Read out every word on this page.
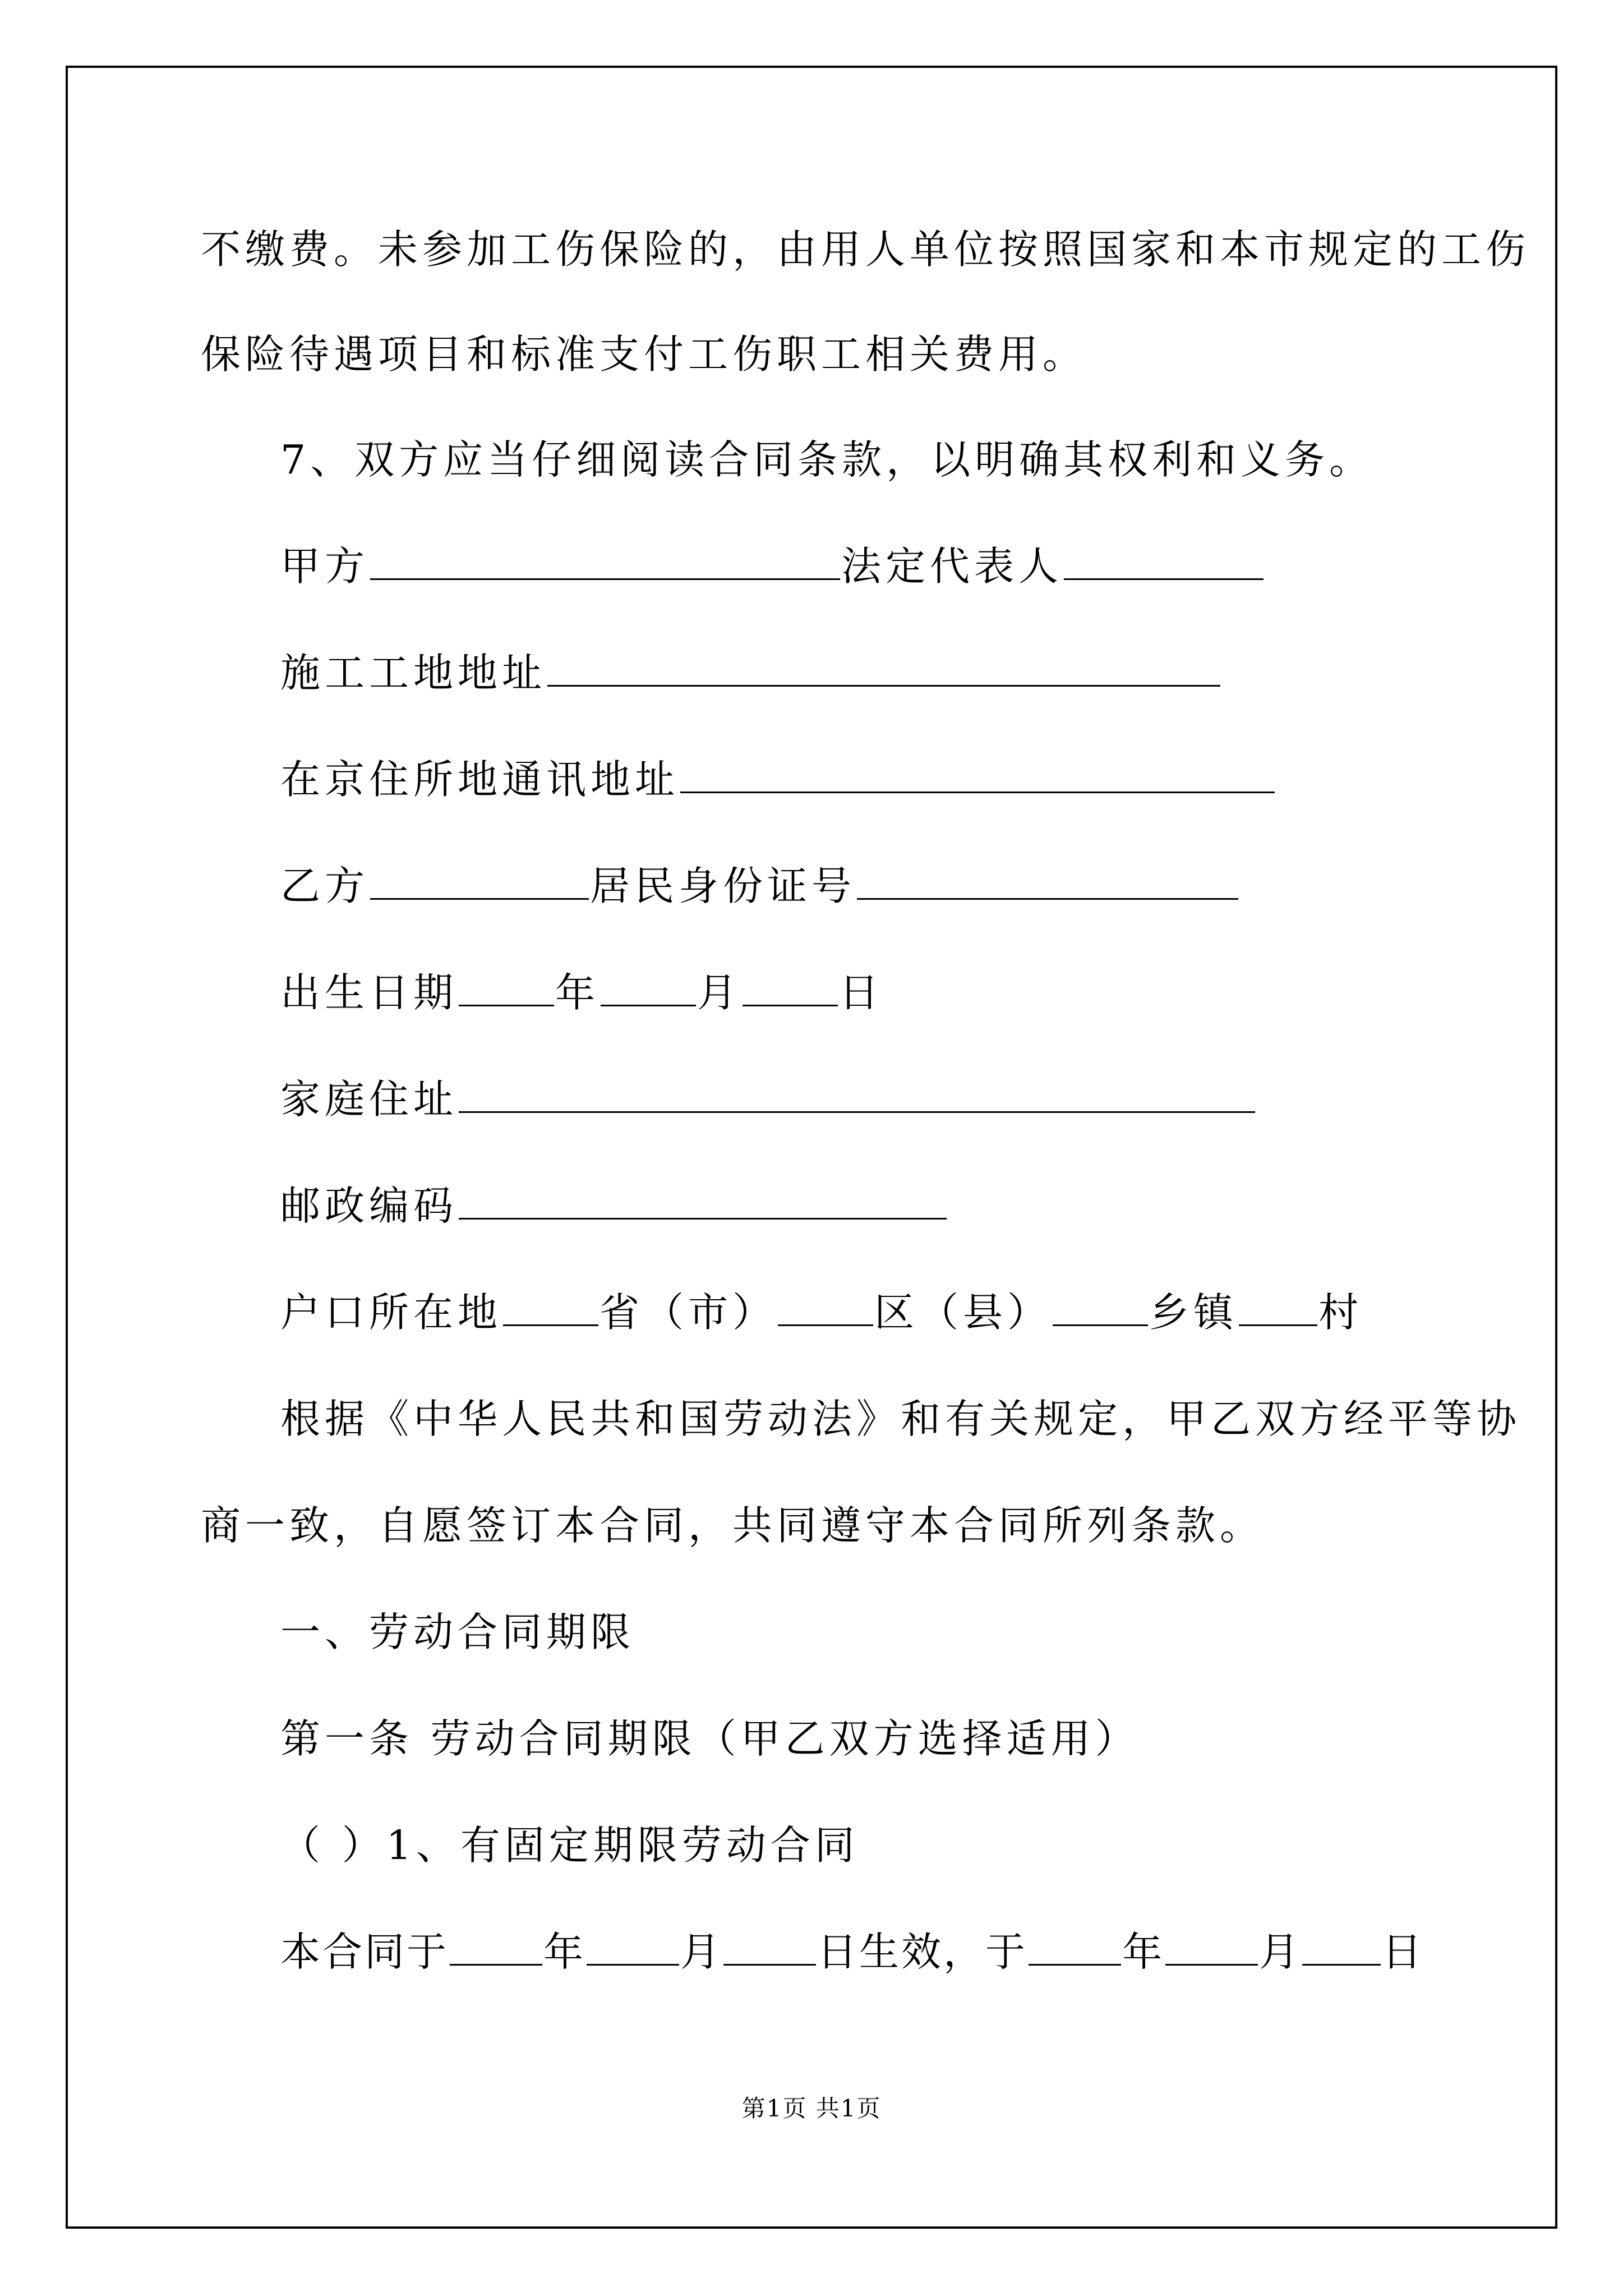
不缴费。未参加工伤保险的，由用人单位按照国家和本市规定的工伤
保险待遇项目和标准支付工伤职工相关费用。
7、双方应当仔细阅读合同条款，以明确其权利和义务。
甲方	法定代表人
施工工地地址
在京住所地通讯地址
乙方	居民身份证号
出生日期 年 月 日
家庭住址
邮政编码
户口所在地 省（市） 区（县） 乡镇 村
根据《中华人民共和国劳动法》和有关规定，甲乙双方经平等协
商一致，自愿签订本合同，共同遵守本合同所列条款。
一、劳动合同期限
第一条 劳动合同期限（甲乙双方选择适用）
（ ）1、有固定期限劳动合同
本合同于 年 月 日生效，于 年 月 日
第1页 共1页
